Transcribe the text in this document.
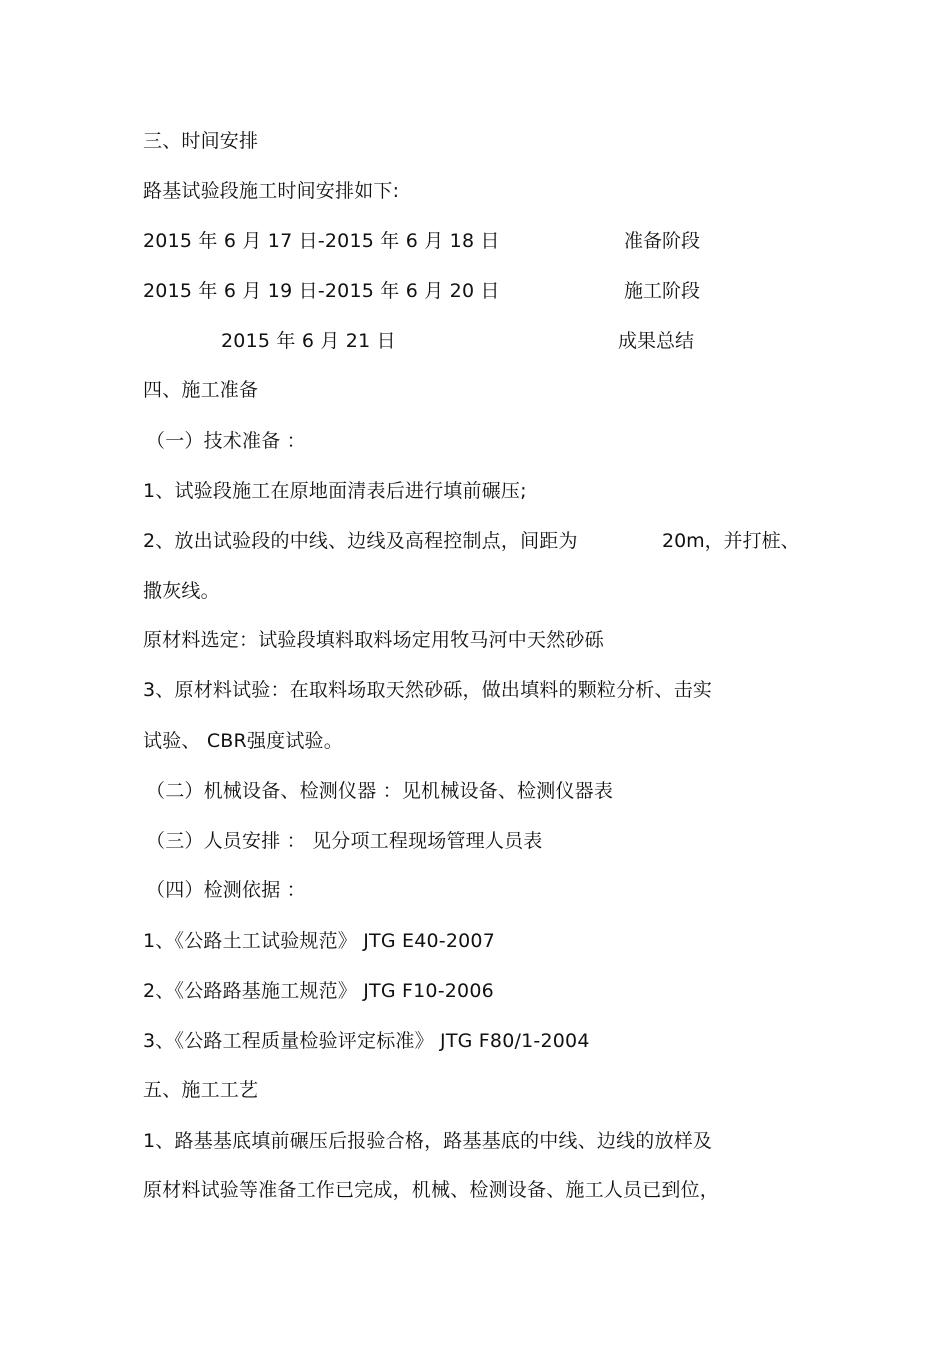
三、时间安排
路基试验段施工时间安排如下:
2015 年 6 月 17 日-2015 年 6 月 18 日	准备阶段
2015 年 6 月 19 日-2015 年 6 月 20 日	施工阶段
2015 年 6 月 21 日	成果总结
四、施工准备
（一）技术准备 ：
1、试验段施工在原地面清表后进行填前碾压;
2、放出试验段的中线、边线及高程控制点，间距为	20m，并打桩、
撒灰线。
原材料选定：试验段填料取料场定用牧马河中天然砂砾
3、原材料试验：在取料场取天然砂砾，做出填料的颗粒分析、击实
试验、 CBR强度试验。
（二）机械设备、检测仪器 ：见机械设备、检测仪器表
（三）人员安排 ： 见分项工程现场管理人员表
（四）检测依据 ：
1、《公路土工试验规范》 JTG E40-2007
2、《公路路基施工规范》 JTG F10-2006
3、《公路工程质量检验评定标准》 JTG F80/1-2004
五、施工工艺
1、路基基底填前碾压后报验合格，路基基底的中线、边线的放样及
原材料试验等准备工作已完成，机械、检测设备、施工人员已到位，
